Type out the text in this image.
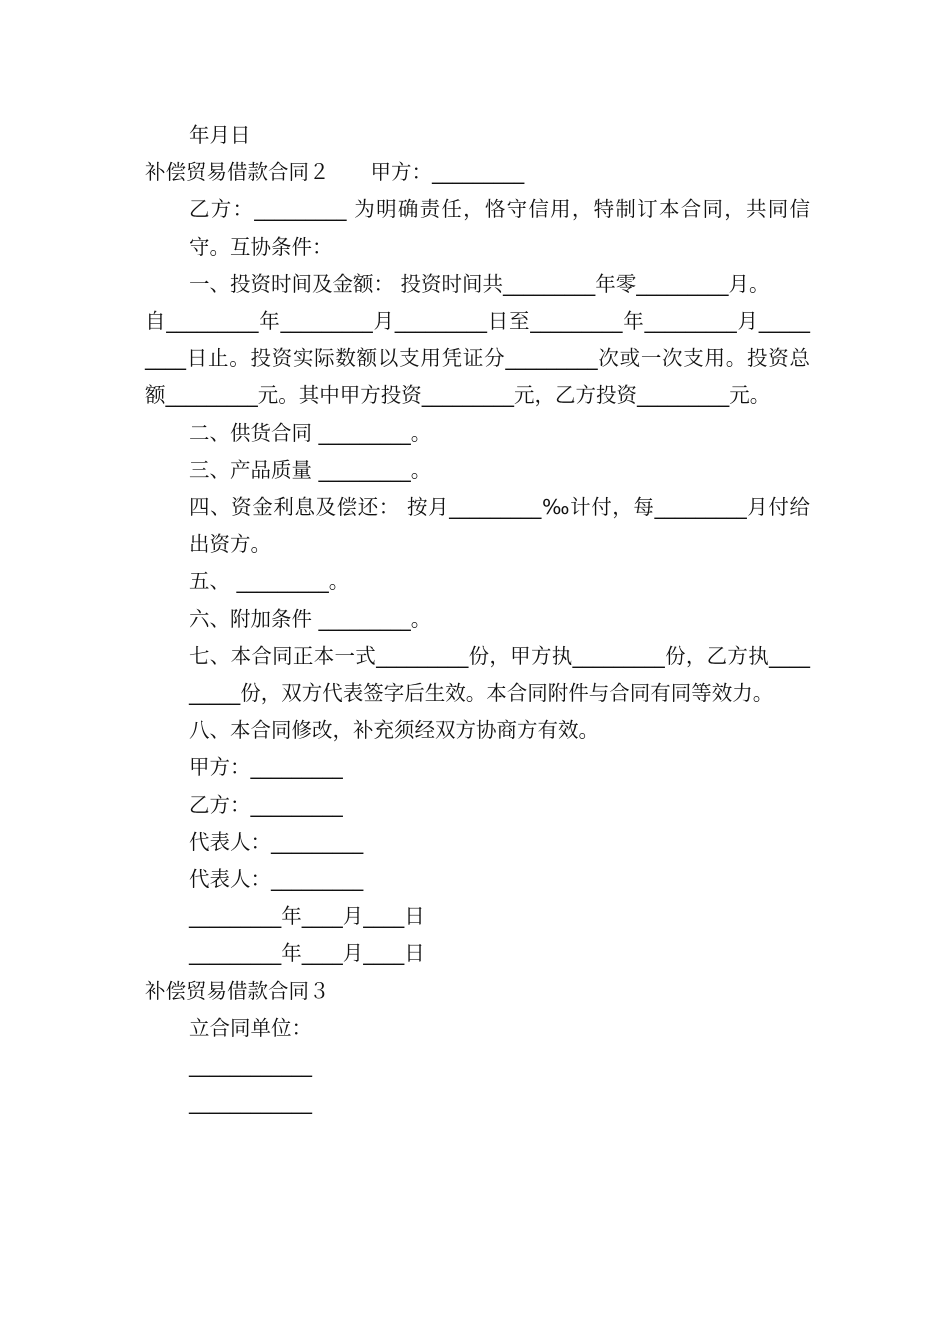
年月日

补偿贸易借款合同２　　甲方：_________

乙方：_________ 为明确责任，恪守信用，特制订本合同，共同信守。互协条件：

一、投资时间及金额： 投资时间共_________年零_________月。

自_________年_________月_________日至_________年_________月_________日止。投资实际数额以支用凭证分_________次或一次支用。投资总额_________元。其中甲方投资_________元，乙方投资_________元。

二、供货合同 _________。

三、产品质量 _________。

四、资金利息及偿还： 按月_________‰计付，每_________月付给出资方。

五、 _________。

六、附加条件 _________。

七、本合同正本一式_________份，甲方执_________份，乙方执_________份，双方代表签字后生效。本合同附件与合同有同等效力。

八、本合同修改，补充须经双方协商方有效。

甲方：_________

乙方：_________

代表人：_________

代表人：_________

_________年____月____日

_________年____月____日

补偿贸易借款合同３

立合同单位：

____________

____________
